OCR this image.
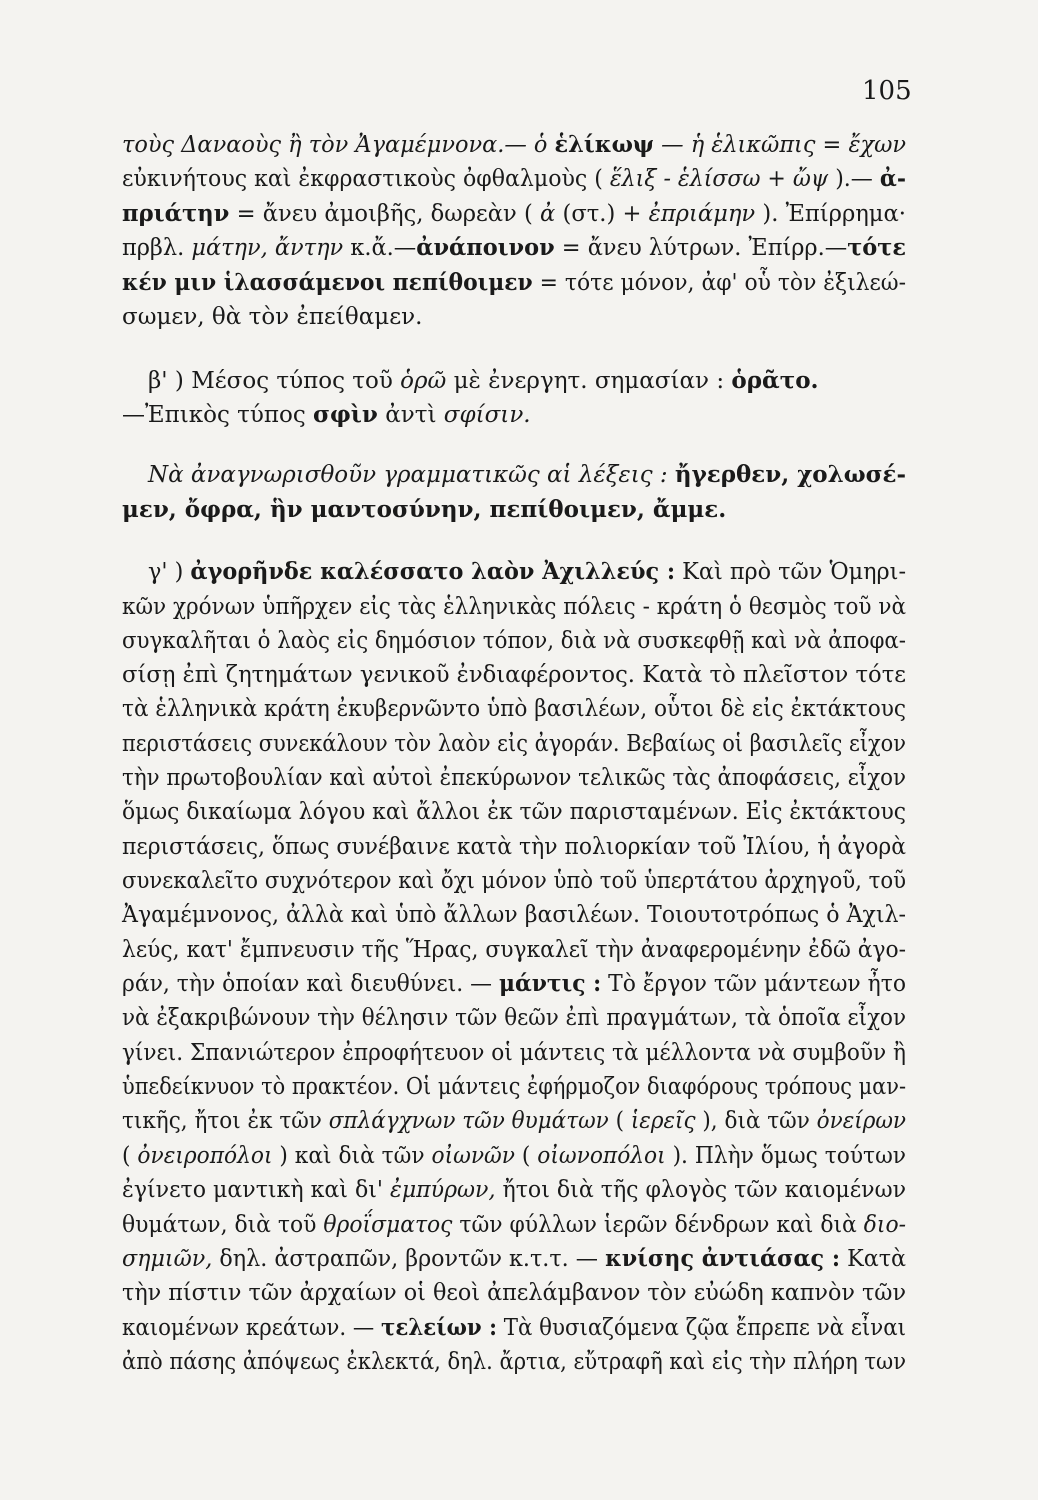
105
τοὺς Δαναοὺς ἢ τὸν Ἀγαμέμνονα.— ὁ ἑλίκωψ — ἡ ἑλικῶπις = ἔχων
εὐκινήτους καὶ ἐκφραστικοὺς ὀφθαλμοὺς ( ἕλιξ - ἑλίσσω + ὤψ ).— ἀ-
πριάτην = ἄνευ ἀμοιβῆς, δωρεὰν ( ἀ (στ.) + ἐπριάμην ). Ἐπίρρημα·
πρβλ. μάτην, ἄντην κ.ἄ.—ἀνάποινον = ἄνευ λύτρων. Ἐπίρρ.—τότε
κέν μιν ἱλασσάμενοι πεπίθοιμεν = τότε μόνον, ἀφ' οὗ τὸν ἐξιλεώ-
σωμεν, θὰ τὸν ἐπείθαμεν.
β' ) Μέσος τύπος τοῦ ὁρῶ μὲ ἐνεργητ. σημασίαν : ὁρᾶτο.
—Ἐπικὸς τύπος σφὶν ἀντὶ σφίσιν.
Νὰ ἀναγνωρισθοῦν γραμματικῶς αἱ λέξεις : ἤγερθεν, χολωσέ-
μεν, ὄφρα, ἣν μαντοσύνην, πεπίθοιμεν, ἄμμε.
γ' ) ἀγορῆνδε καλέσσατο λαὸν Ἀχιλλεύς : Καὶ πρὸ τῶν Ὁμηρι-
κῶν χρόνων ὑπῆρχεν εἰς τὰς ἑλληνικὰς πόλεις - κράτη ὁ θεσμὸς τοῦ νὰ
συγκαλῆται ὁ λαὸς εἰς δημόσιον τόπον, διὰ νὰ συσκεφθῇ καὶ νὰ ἀποφα-
σίσῃ ἐπὶ ζητημάτων γενικοῦ ἐνδιαφέροντος. Κατὰ τὸ πλεῖστον τότε
τὰ ἑλληνικὰ κράτη ἐκυβερνῶντο ὑπὸ βασιλέων, οὗτοι δὲ εἰς ἐκτάκτους
περιστάσεις συνεκάλουν τὸν λαὸν εἰς ἀγοράν. Βεβαίως οἱ βασιλεῖς εἶχον
τὴν πρωτοβουλίαν καὶ αὐτοὶ ἐπεκύρωνον τελικῶς τὰς ἀποφάσεις, εἶχον
ὅμως δικαίωμα λόγου καὶ ἄλλοι ἐκ τῶν παρισταμένων. Εἰς ἐκτάκτους
περιστάσεις, ὅπως συνέβαινε κατὰ τὴν πολιορκίαν τοῦ Ἰλίου, ἡ ἀγορὰ
συνεκαλεῖτο συχνότερον καὶ ὄχι μόνον ὑπὸ τοῦ ὑπερτάτου ἀρχηγοῦ, τοῦ
Ἀγαμέμνονος, ἀλλὰ καὶ ὑπὸ ἄλλων βασιλέων. Τοιουτοτρόπως ὁ Ἀχιλ-
λεύς, κατ' ἔμπνευσιν τῆς Ἥρας, συγκαλεῖ τὴν ἀναφερομένην ἐδῶ ἀγο-
ράν, τὴν ὁποίαν καὶ διευθύνει. — μάντις : Τὸ ἔργον τῶν μάντεων ἦτο
νὰ ἐξακριβώνουν τὴν θέλησιν τῶν θεῶν ἐπὶ πραγμάτων, τὰ ὁποῖα εἶχον
γίνει. Σπανιώτερον ἐπροφήτευον οἱ μάντεις τὰ μέλλοντα νὰ συμβοῦν ἢ
ὑπεδείκνυον τὸ πρακτέον. Οἱ μάντεις ἐφήρμοζον διαφόρους τρόπους μαν-
τικῆς, ἤτοι ἐκ τῶν σπλάγχνων τῶν θυμάτων ( ἱερεῖς ), διὰ τῶν ὀνείρων
( ὀνειροπόλοι ) καὶ διὰ τῶν οἰωνῶν ( οἰωνοπόλοι ). Πλὴν ὅμως τούτων
ἐγίνετο μαντικὴ καὶ δι' ἐμπύρων, ἤτοι διὰ τῆς φλογὸς τῶν καιομένων
θυμάτων, διὰ τοῦ θροΐσματος τῶν φύλλων ἱερῶν δένδρων καὶ διὰ διο-
σημιῶν, δηλ. ἀστραπῶν, βροντῶν κ.τ.τ. — κνίσης ἀντιάσας : Κατὰ
τὴν πίστιν τῶν ἀρχαίων οἱ θεοὶ ἀπελάμβανον τὸν εὐώδη καπνὸν τῶν
καιομένων κρεάτων. — τελείων : Τὰ θυσιαζόμενα ζῷα ἔπρεπε νὰ εἶναι
ἀπὸ πάσης ἀπόψεως ἐκλεκτά, δηλ. ἄρτια, εὔτραφῆ καὶ εἰς τὴν πλήρη των
